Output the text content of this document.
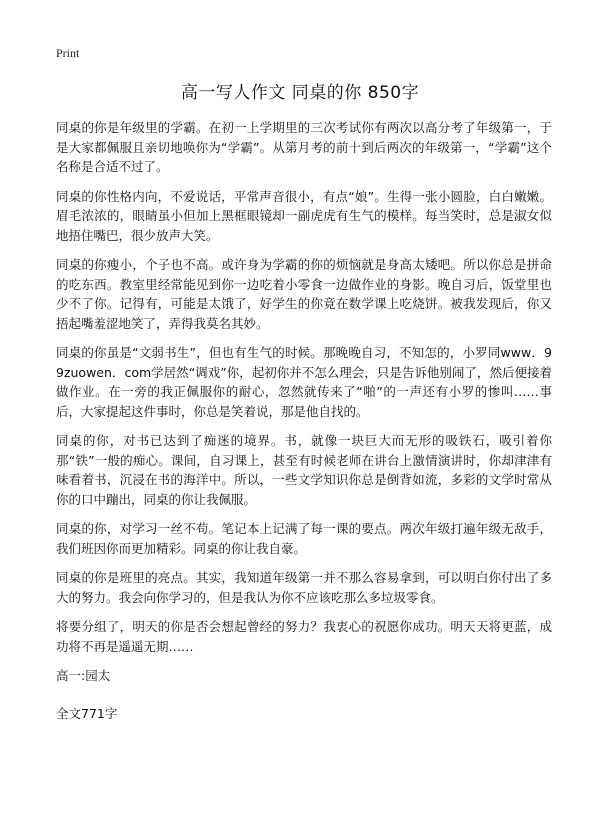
Print
高一写人作文 同桌的你 850字

同桌的你是年级里的学霸。在初一上学期里的三次考试你有两次以高分考了年级第一，于是大家都佩服且亲切地唤你为“学霸”。从第月考的前十到后两次的年级第一，“学霸”这个名称是合适不过了。

同桌的你性格内向，不爱说话，平常声音很小，有点“娘”。生得一张小圆脸，白白嫩嫩。眉毛浓浓的，眼睛虽小但加上黑框眼镜却一副虎虎有生气的模样。每当笑时，总是淑女似地捂住嘴巴，很少放声大笑。

同桌的你瘦小，个子也不高。或许身为学霸的你的烦恼就是身高太矮吧。所以你总是拼命的吃东西。教室里经常能见到你一边吃着小零食一边做作业的身影。晚自习后，饭堂里也少不了你。记得有，可能是太饿了，好学生的你竟在数学课上吃烧饼。被我发现后，你又捂起嘴羞涩地笑了，弄得我莫名其妙。

同桌的你虽是“文弱书生”，但也有生气的时候。那晚晚自习，不知怎的，小罗同www．99zuowen．com学居然“调戏”你，起初你并不怎么理会，只是告诉他别闹了，然后便接着做作业。在一旁的我正佩服你的耐心，忽然就传来了“啪”的一声还有小罗的惨叫……事后，大家提起这件事时，你总是笑着说，那是他自找的。

同桌的你，对书已达到了痴迷的境界。书，就像一块巨大而无形的吸铁石，吸引着你那“铁”一般的痴心。课间，自习课上，甚至有时候老师在讲台上激情演讲时，你却津津有味看着书，沉浸在书的海洋中。所以，一些文学知识你总是倒背如流，多彩的文学时常从你的口中蹦出，同桌的你让我佩服。

同桌的你，对学习一丝不苟。笔记本上记满了每一课的要点。两次年级打遍年级无敌手，我们班因你而更加精彩。同桌的你让我自豪。

同桌的你是班里的亮点。其实，我知道年级第一并不那么容易拿到，可以明白你付出了多大的努力。我会向你学习的，但是我认为你不应该吃那么多垃圾零食。

将要分组了，明天的你是否会想起曾经的努力？我衷心的祝愿你成功。明天天将更蓝，成功将不再是遥遥无期……

高一:园太

全文771字
